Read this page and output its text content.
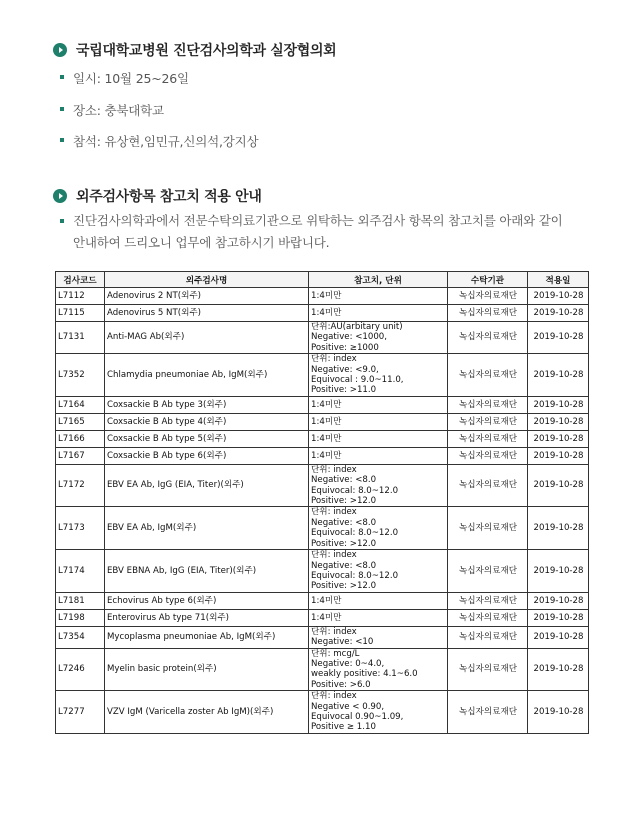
국립대학교병원 진단검사의학과 실장협의회
일시: 10월 25~26일
장소: 충북대학교
참석: 유상현,임민규,신의석,강지상
외주검사항목 참고치 적용 안내
진단검사의학과에서 전문수탁의료기관으로 위탁하는 외주검사 항목의 참고치를 아래와 같이
안내하여 드리오니 업무에 참고하시기 바랍니다.
검사코드	외주검사명	참고치, 단위	수탁기관	적용일
L7112	Adenovirus 2 NT(외주)	1:4미만	녹십자의료재단	2019-10-28
L7115	Adenovirus 5 NT(외주)	1:4미만	녹십자의료재단	2019-10-28
L7131	Anti-MAG Ab(외주)	단위:AU(arbitary unit)
Negative: <1000,
Positive: ≥1000	녹십자의료재단	2019-10-28
L7352	Chlamydia pneumoniae Ab, IgM(외주)	단위: index
Negative: <9.0,
Equivocal : 9.0~11.0,
Positive: >11.0	녹십자의료재단	2019-10-28
L7164	Coxsackie B Ab type 3(외주)	1:4미만	녹십자의료재단	2019-10-28
L7165	Coxsackie B Ab type 4(외주)	1:4미만	녹십자의료재단	2019-10-28
L7166	Coxsackie B Ab type 5(외주)	1:4미만	녹십자의료재단	2019-10-28
L7167	Coxsackie B Ab type 6(외주)	1:4미만	녹십자의료재단	2019-10-28
L7172	EBV EA Ab, IgG (EIA, Titer)(외주)	단위: index
Negative: <8.0
Equivocal: 8.0~12.0
Positive: >12.0	녹십자의료재단	2019-10-28
L7173	EBV EA Ab, IgM(외주)	단위: index
Negative: <8.0
Equivocal: 8.0~12.0
Positive: >12.0	녹십자의료재단	2019-10-28
L7174	EBV EBNA Ab, IgG (EIA, Titer)(외주)	단위: index
Negative: <8.0
Equivocal: 8.0~12.0
Positive: >12.0	녹십자의료재단	2019-10-28
L7181	Echovirus Ab type 6(외주)	1:4미만	녹십자의료재단	2019-10-28
L7198	Enterovirus Ab type 71(외주)	1:4미만	녹십자의료재단	2019-10-28
L7354	Mycoplasma pneumoniae Ab, IgM(외주)	단위: index
Negative: <10	녹십자의료재단	2019-10-28
L7246	Myelin basic protein(외주)	단위: mcg/L
Negative: 0~4.0,
weakly positive: 4.1~6.0
Positive: >6.0	녹십자의료재단	2019-10-28
L7277	VZV IgM (Varicella zoster Ab IgM)(외주)	단위: index
Negative < 0.90,
Equivocal 0.90~1.09,
Positive ≥ 1.10	녹십자의료재단	2019-10-28
